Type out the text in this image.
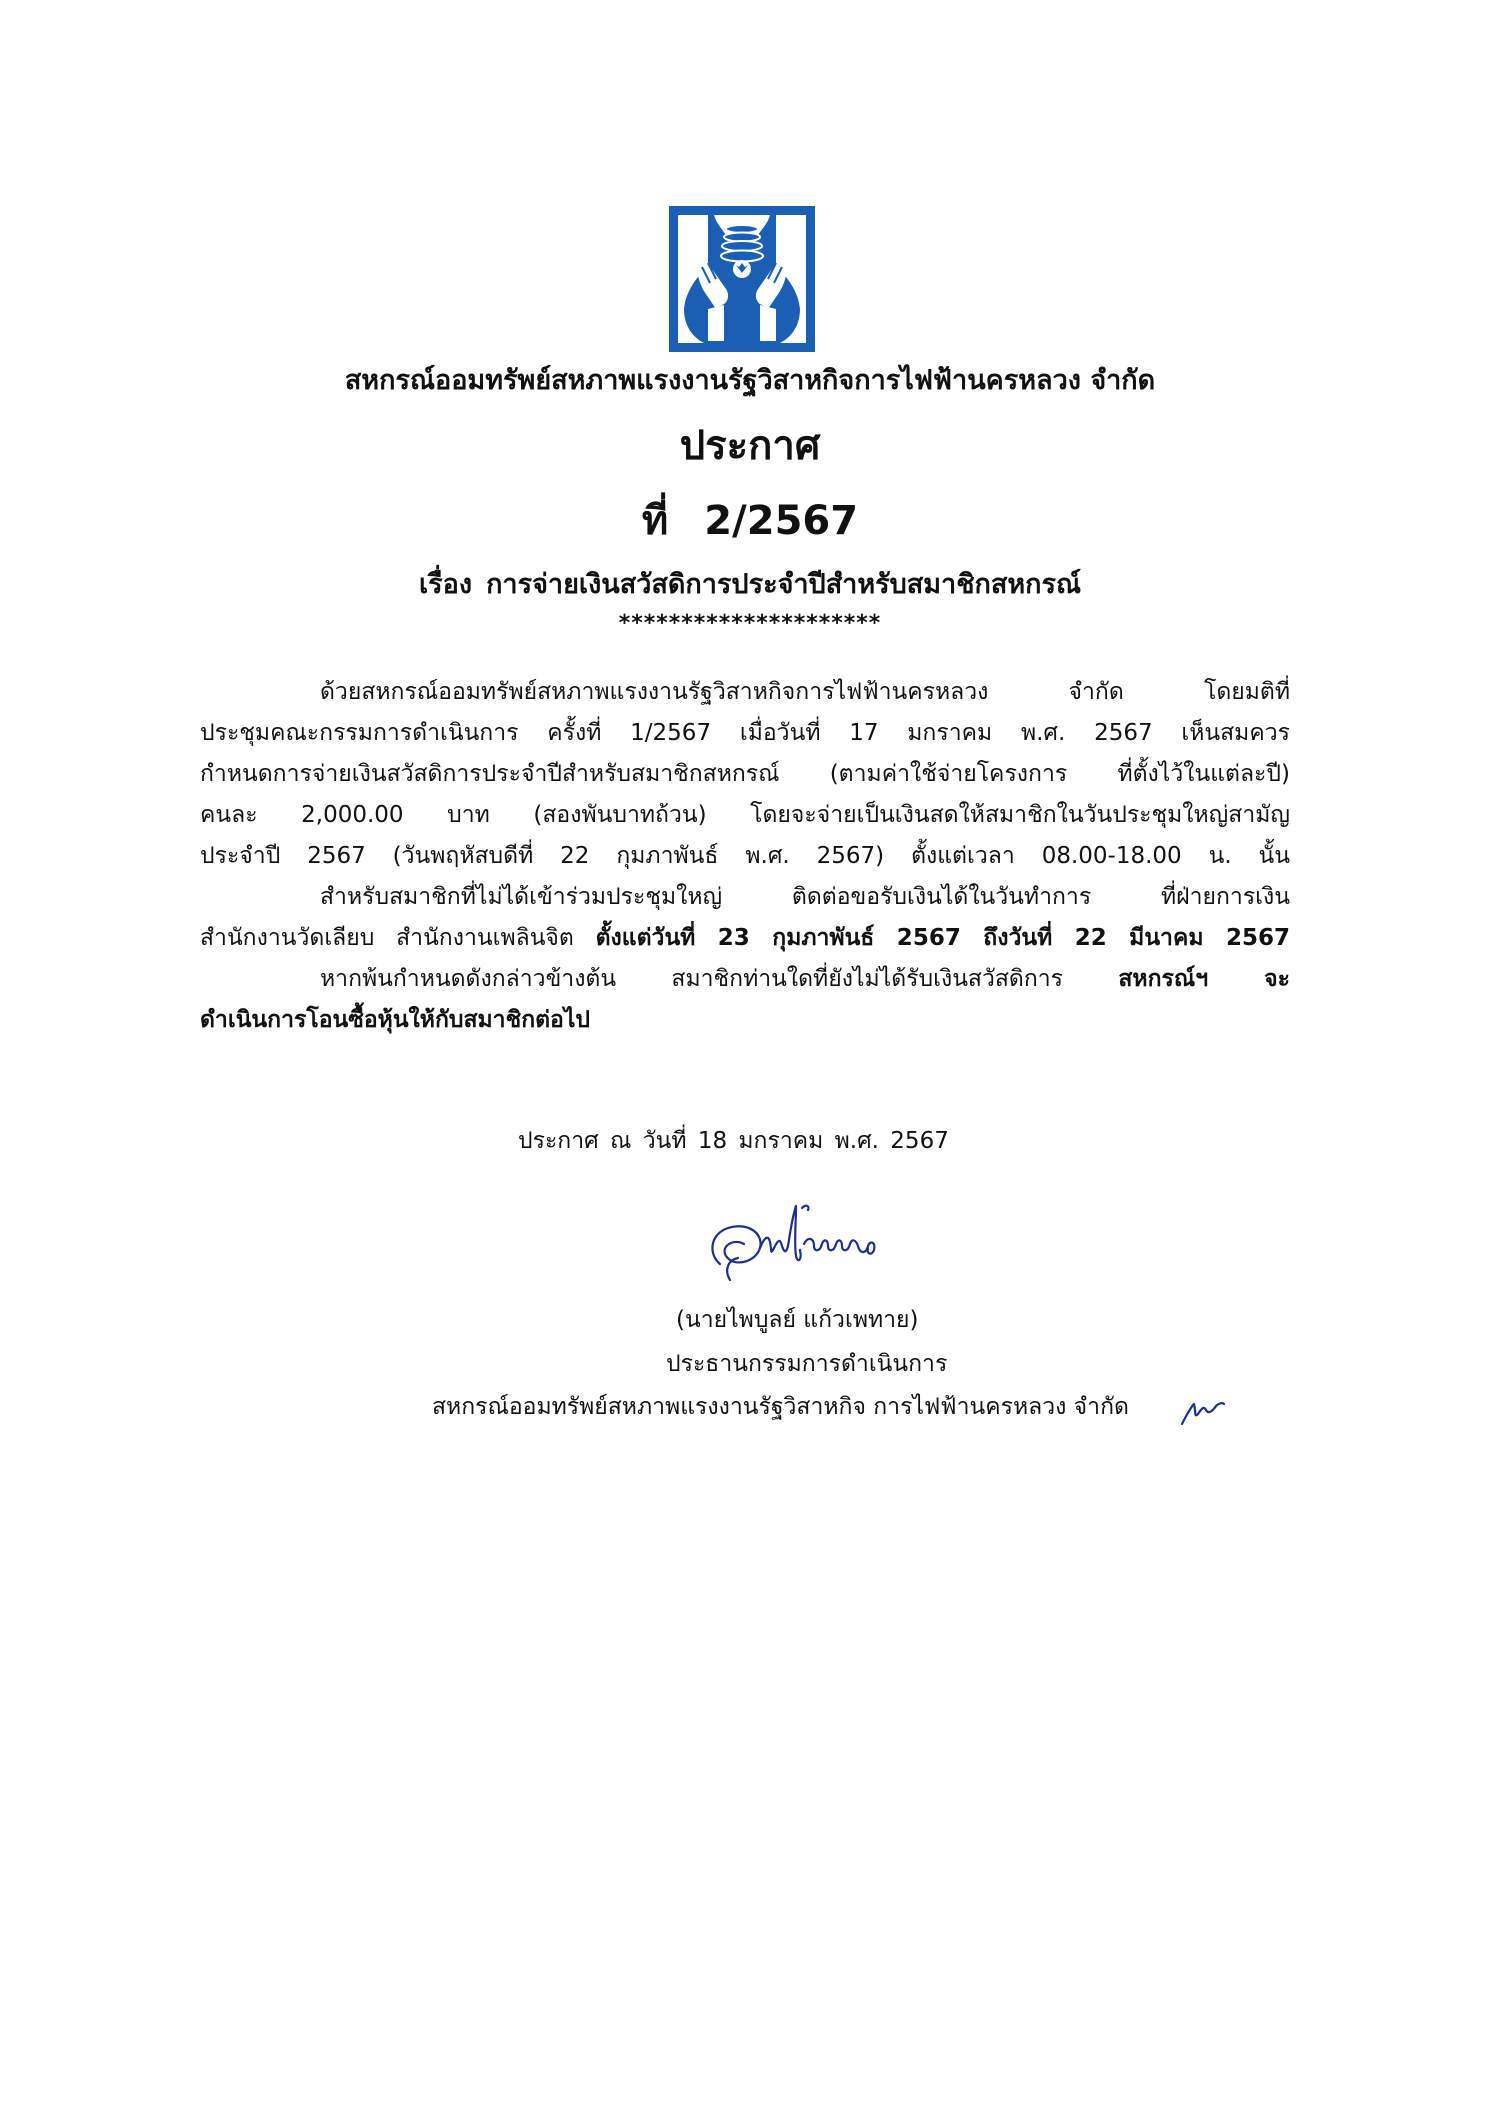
สหกรณ์ออมทรัพย์สหภาพแรงงานรัฐวิสาหกิจการไฟฟ้านครหลวง จำกัด
ประกาศ
ที่ 2/2567
เรื่อง การจ่ายเงินสวัสดิการประจำปีสำหรับสมาชิกสหกรณ์
*********************
ด้วยสหกรณ์ออมทรัพย์สหภาพแรงงานรัฐวิสาหกิจการไฟฟ้านครหลวง จำกัด โดยมติที่
ประชุมคณะกรรมการดำเนินการ ครั้งที่ 1/2567 เมื่อวันที่ 17 มกราคม พ.ศ. 2567 เห็นสมควร
กำหนดการจ่ายเงินสวัสดิการประจำปีสำหรับสมาชิกสหกรณ์ (ตามค่าใช้จ่ายโครงการ ที่ตั้งไว้ในแต่ละปี)
คนละ 2,000.00 บาท (สองพันบาทถ้วน) โดยจะจ่ายเป็นเงินสดให้สมาชิกในวันประชุมใหญ่สามัญ
ประจำปี 2567 (วันพฤหัสบดีที่ 22 กุมภาพันธ์ พ.ศ. 2567) ตั้งแต่เวลา 08.00-18.00 น. นั้น
สำหรับสมาชิกที่ไม่ได้เข้าร่วมประชุมใหญ่ ติดต่อขอรับเงินได้ในวันทำการ ที่ฝ่ายการเงิน
สำนักงานวัดเลียบ สำนักงานเพลินจิต ตั้งแต่วันที่ 23 กุมภาพันธ์ 2567 ถึงวันที่ 22 มีนาคม 2567
หากพ้นกำหนดดังกล่าวข้างต้น สมาชิกท่านใดที่ยังไม่ได้รับเงินสวัสดิการ สหกรณ์ฯ จะ
ดำเนินการโอนซื้อหุ้นให้กับสมาชิกต่อไป
ประกาศ ณ วันที่ 18 มกราคม พ.ศ. 2567
(นายไพบูลย์ แก้วเพทาย)
ประธานกรรมการดำเนินการ
สหกรณ์ออมทรัพย์สหภาพแรงงานรัฐวิสาหกิจ การไฟฟ้านครหลวง จำกัด
